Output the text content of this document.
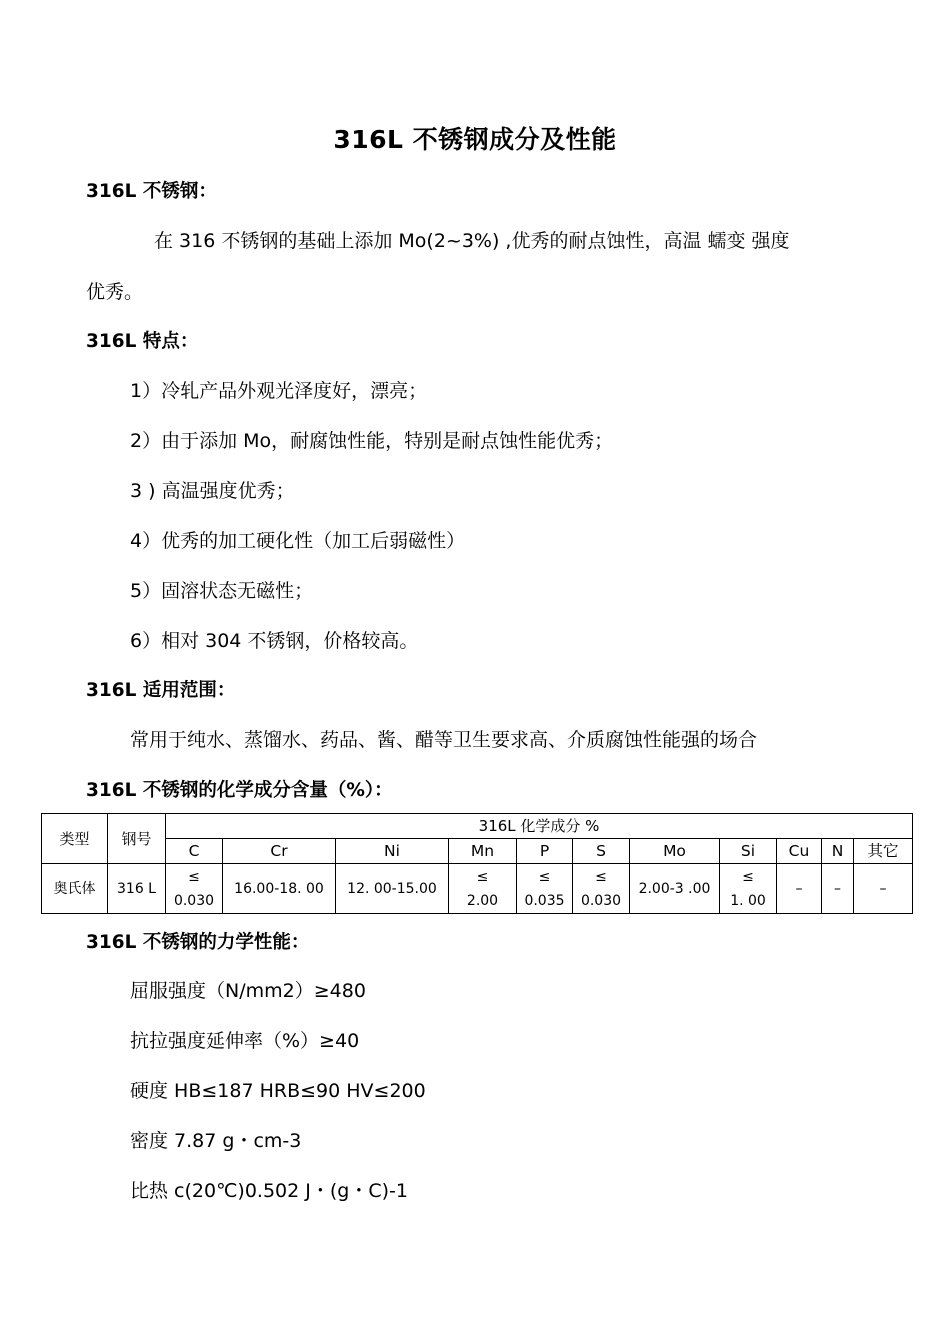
316L 不锈钢成分及性能
316L 不锈钢：
在 316 不锈钢的基础上添加 Mo(2~3%) ,优秀的耐点蚀性，高温 蠕变 强度
优秀。
316L 特点：
1）冷轧产品外观光泽度好，漂亮；
2）由于添加 Mo，耐腐蚀性能，特别是耐点蚀性能优秀；
3 ) 高温强度优秀；
4）优秀的加工硬化性（加工后弱磁性）
5）固溶状态无磁性；
6）相对 304 不锈钢，价格较高。
316L 适用范围：
常用于纯水、蒸馏水、药品、酱、醋等卫生要求高、介质腐蚀性能强的场合
316L 不锈钢的化学成分含量（%）：
类型	钢号	316L 化学成分 %										
		C	Cr	Ni	Mn	P	S	Mo	Si	Cu	N	其它
奥氏体	316 L	≤
0.030	16.00-18. 00	12. 00-15.00	≤
2.00	≤
0.035	≤
0.030	2.00-3 .00	≤
1. 00	–	–	–
316L 不锈钢的力学性能：
屈服强度（N/mm2）≥480
抗拉强度延伸率（%）≥40
硬度 HB≤187 HRB≤90 HV≤200
密度 7.87 g・cm-3
比热 c(20℃)0.502 J・(g・C)-1
